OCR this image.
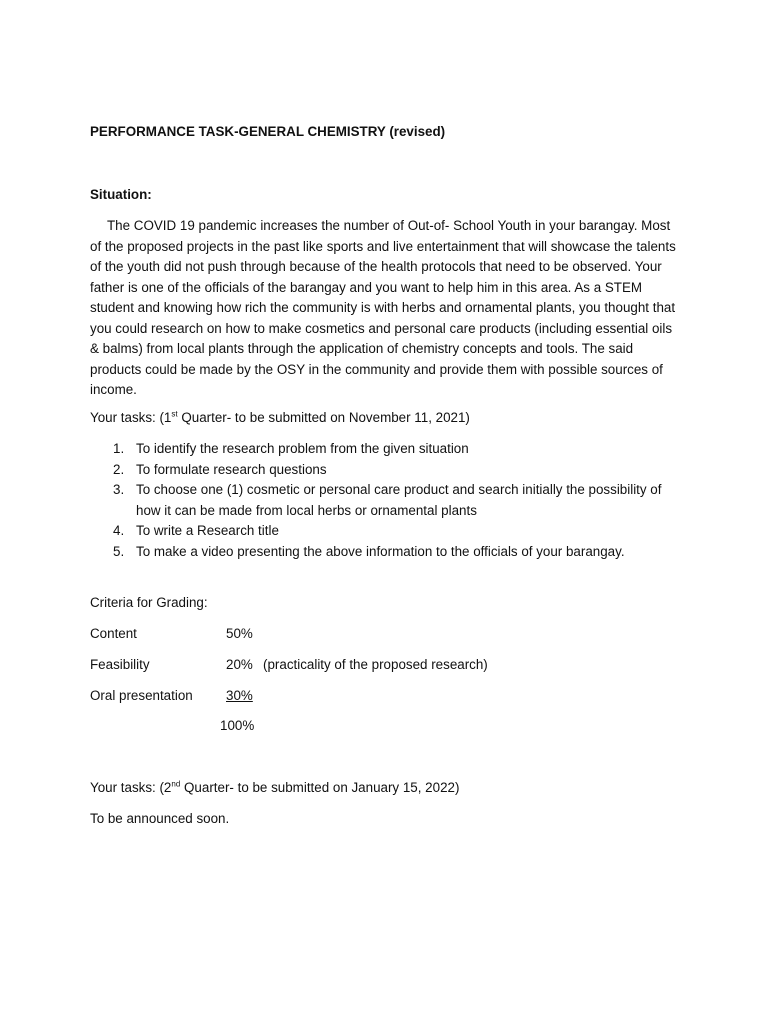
PERFORMANCE TASK-GENERAL CHEMISTRY (revised)
Situation:
The COVID 19 pandemic increases the number of Out-of- School Youth in your barangay. Most of the proposed projects in the past like sports and live entertainment that will showcase the talents of the youth did not push through because of the health protocols that need to be observed. Your father is one of the officials of the barangay and you want to help him in this area. As a STEM student and knowing how rich the community is with herbs and ornamental plants, you thought that you could research on how to make cosmetics and personal care products (including essential oils & balms) from local plants through the application of chemistry concepts and tools. The said products could be made by the OSY in the community and provide them with possible sources of income.
Your tasks: (1st Quarter- to be submitted on November 11, 2021)
1. To identify the research problem from the given situation
2. To formulate research questions
3. To choose one (1) cosmetic or personal care product and search initially the possibility of how it can be made from local herbs or ornamental plants
4. To write a Research title
5. To make a video presenting the above information to the officials of your barangay.
Criteria for Grading:
Content	50%
Feasibility	20% (practicality of the proposed research)
Oral presentation 30%
100%
Your tasks: (2nd Quarter- to be submitted on January 15, 2022)
To be announced soon.
